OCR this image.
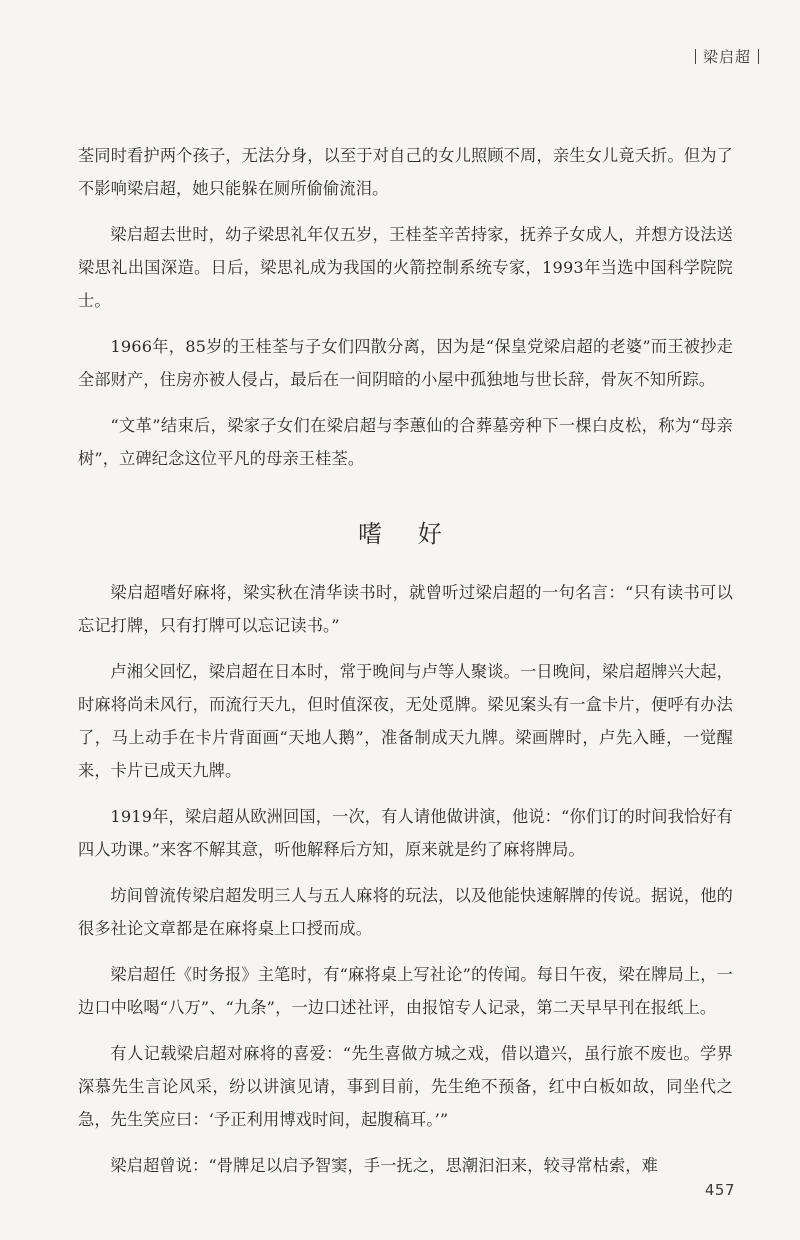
梁启超

荃同时看护两个孩子，无法分身，以至于对自己的女儿照顾不周，亲生女儿竟夭折。但为了不影响梁启超，她只能躲在厕所偷偷流泪。

梁启超去世时，幼子梁思礼年仅五岁，王桂荃辛苦持家，抚养子女成人，并想方设法送梁思礼出国深造。日后，梁思礼成为我国的火箭控制系统专家，1993年当选中国科学院院士。

1966年，85岁的王桂荃与子女们四散分离，因为是“保皇党梁启超的老婆”而王被抄走全部财产，住房亦被人侵占，最后在一间阴暗的小屋中孤独地与世长辞，骨灰不知所踪。

“文革”结束后，梁家子女们在梁启超与李蕙仙的合葬墓旁种下一棵白皮松，称为“母亲树”，立碑纪念这位平凡的母亲王桂荃。

嗜 好

梁启超嗜好麻将，梁实秋在清华读书时，就曾听过梁启超的一句名言：“只有读书可以忘记打牌，只有打牌可以忘记读书。”

卢湘父回忆，梁启超在日本时，常于晚间与卢等人聚谈。一日晚间，梁启超牌兴大起，时麻将尚未风行，而流行天九，但时值深夜，无处觅牌。梁见案头有一盒卡片，便呼有办法了，马上动手在卡片背面画“天地人鹅”，准备制成天九牌。梁画牌时，卢先入睡，一觉醒来，卡片已成天九牌。

1919年，梁启超从欧洲回国，一次，有人请他做讲演，他说：“你们订的时间我恰好有四人功课。”来客不解其意，听他解释后方知，原来就是约了麻将牌局。

坊间曾流传梁启超发明三人与五人麻将的玩法，以及他能快速解牌的传说。据说，他的很多社论文章都是在麻将桌上口授而成。

梁启超任《时务报》主笔时，有“麻将桌上写社论”的传闻。每日午夜，梁在牌局上，一边口中吆喝“八万”、“九条”，一边口述社评，由报馆专人记录，第二天早早刊在报纸上。

有人记载梁启超对麻将的喜爱：“先生喜做方城之戏，借以遣兴，虽行旅不废也。学界深慕先生言论风采，纷以讲演见请，事到目前，先生绝不预备，红中白板如故，同坐代之急，先生笑应曰：‘予正利用博戏时间，起腹稿耳。’”

梁启超曾说：“骨牌足以启予智窦，手一抚之，思潮汩汩来，较寻常枯索，难

457
